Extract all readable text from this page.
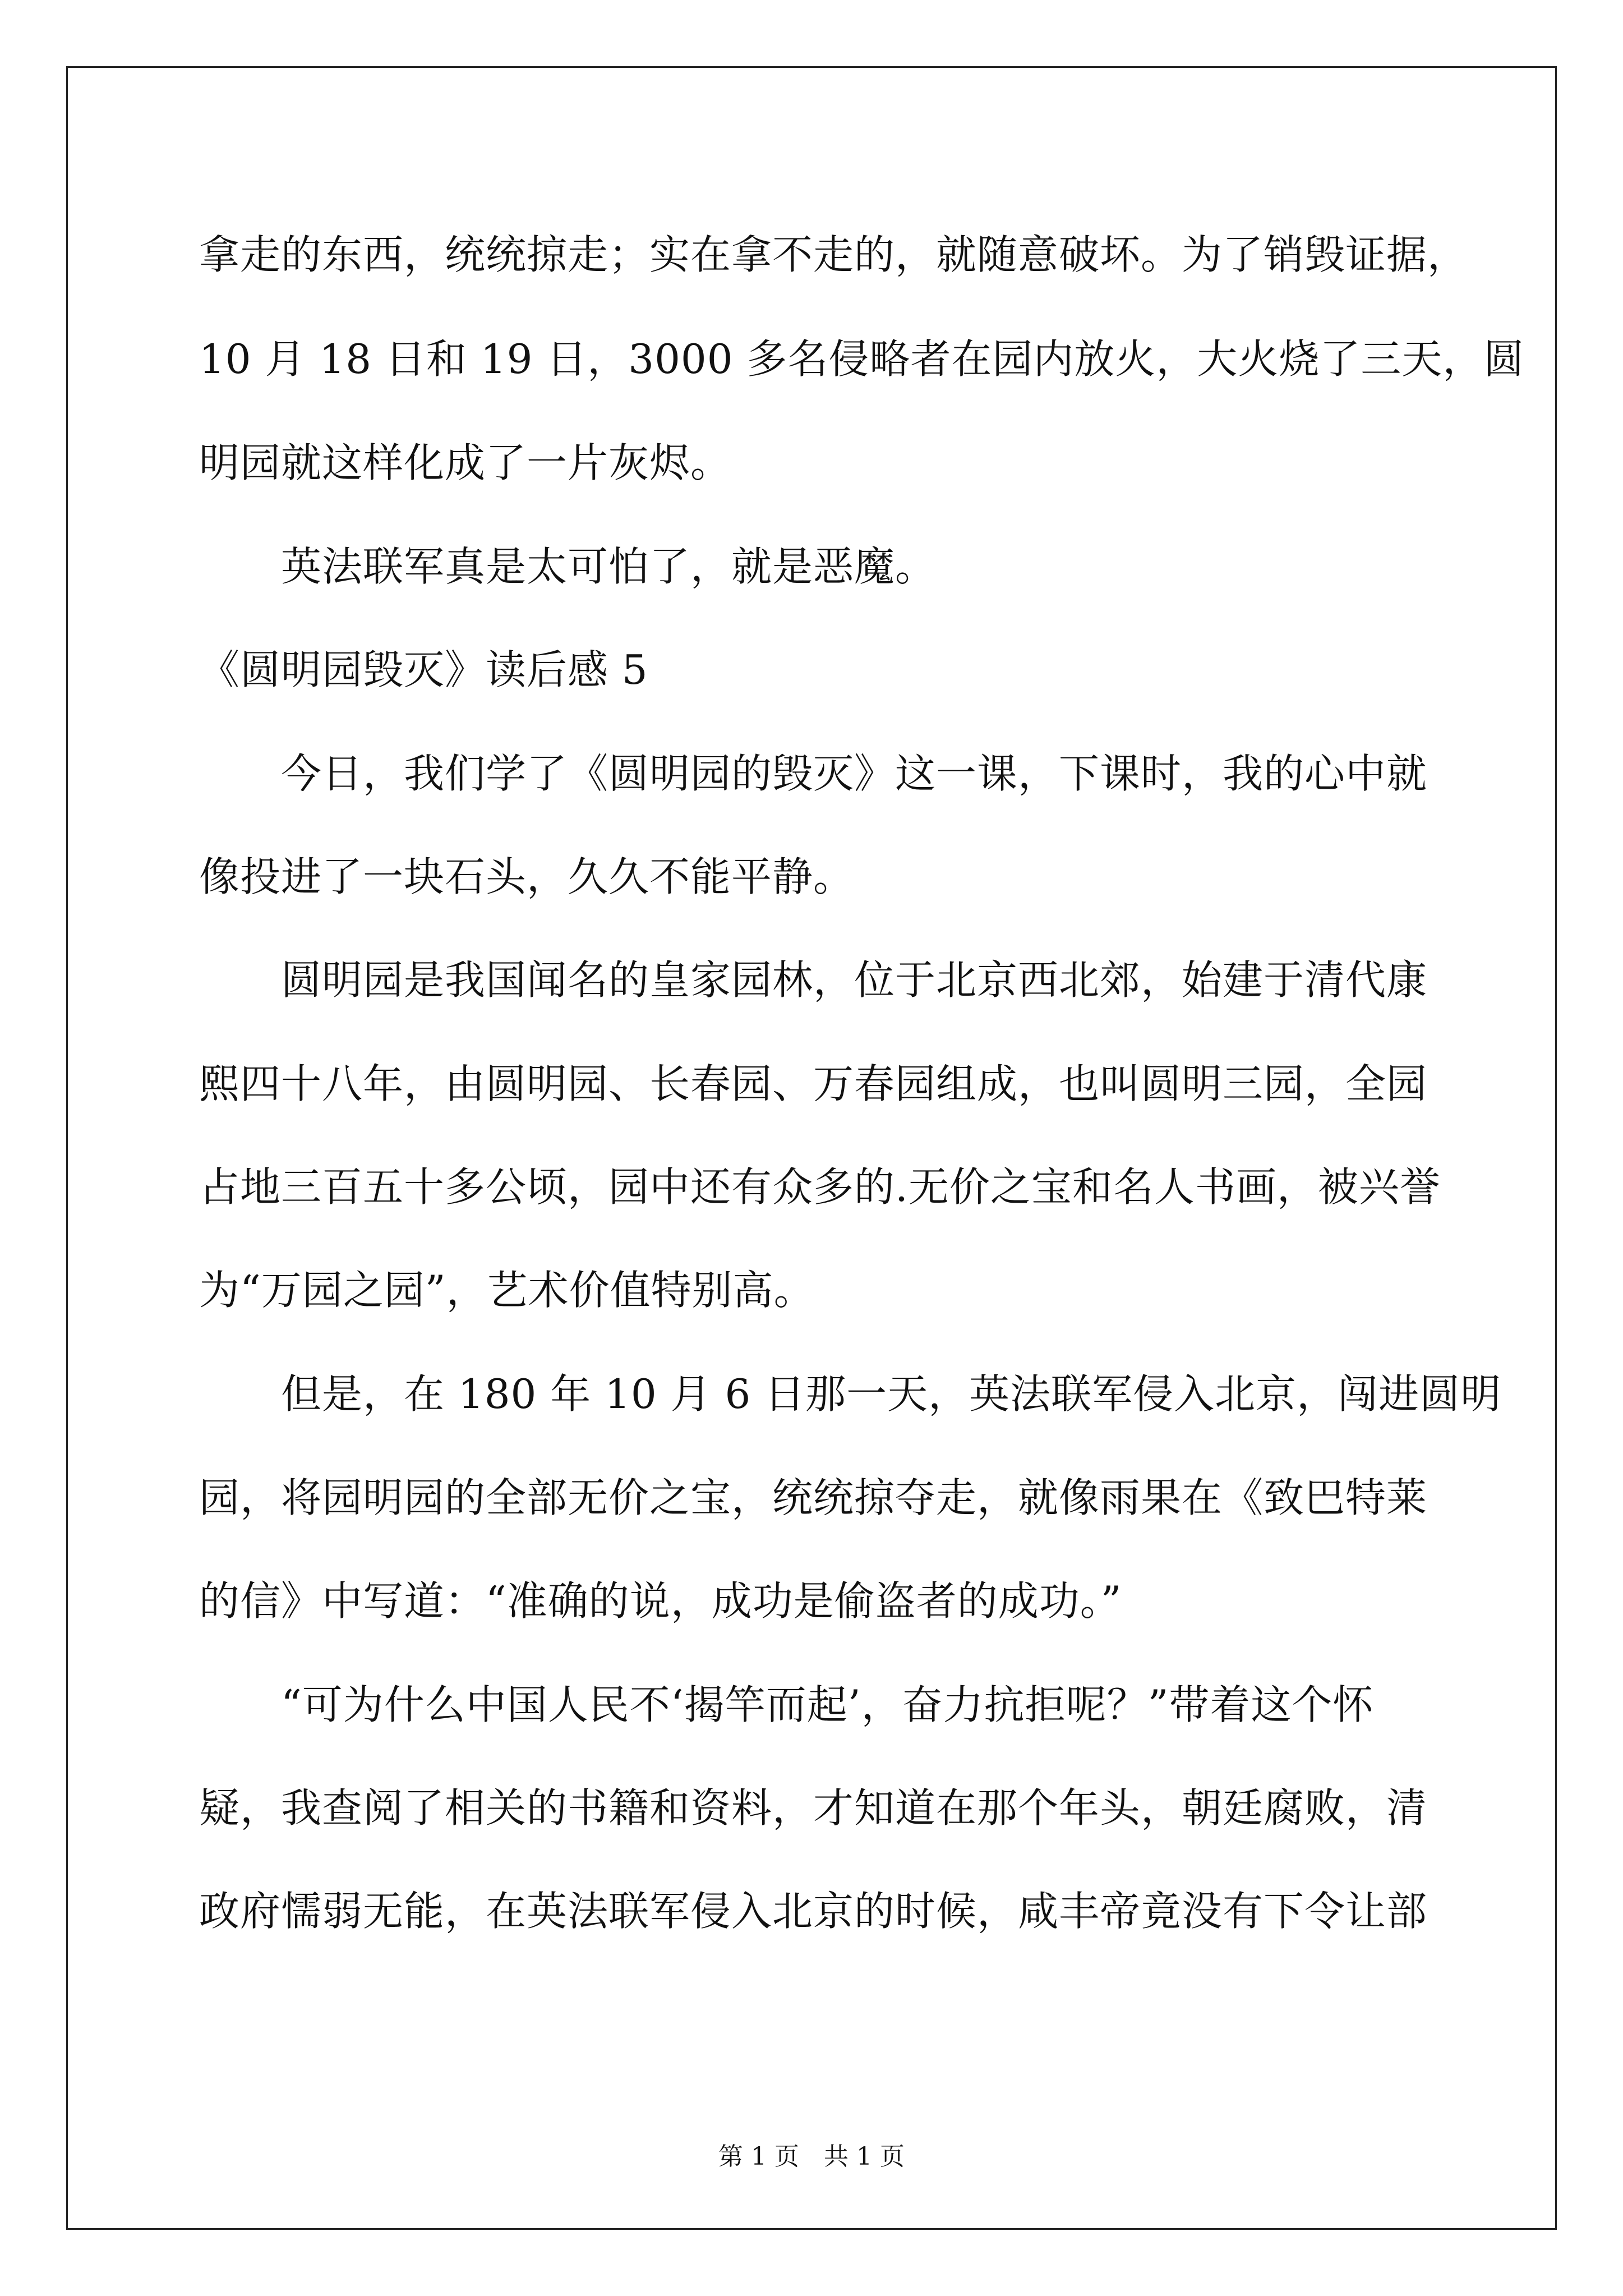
拿走的东西，统统掠走；实在拿不走的，就随意破坏。为了销毁证据，
10 月 18 日和 19 日，3000 多名侵略者在园内放火，大火烧了三天，圆
明园就这样化成了一片灰烬。
英法联军真是太可怕了，就是恶魔。
《圆明园毁灭》读后感 5
今日，我们学了《圆明园的毁灭》这一课，下课时，我的心中就
像投进了一块石头，久久不能平静。
圆明园是我国闻名的皇家园林，位于北京西北郊，始建于清代康
熙四十八年，由圆明园、长春园、万春园组成，也叫圆明三园，全园
占地三百五十多公顷，园中还有众多的.无价之宝和名人书画，被兴誉
为“万园之园”，艺术价值特别高。
但是，在 180 年 10 月 6 日那一天，英法联军侵入北京，闯进圆明
园，将园明园的全部无价之宝，统统掠夺走，就像雨果在《致巴特莱
的信》中写道：“准确的说，成功是偷盗者的成功。”
“可为什么中国人民不‘揭竿而起’，奋力抗拒呢？”带着这个怀
疑，我查阅了相关的书籍和资料，才知道在那个年头，朝廷腐败，清
政府懦弱无能，在英法联军侵入北京的时候，咸丰帝竟没有下令让部
第 1 页　共 1 页
